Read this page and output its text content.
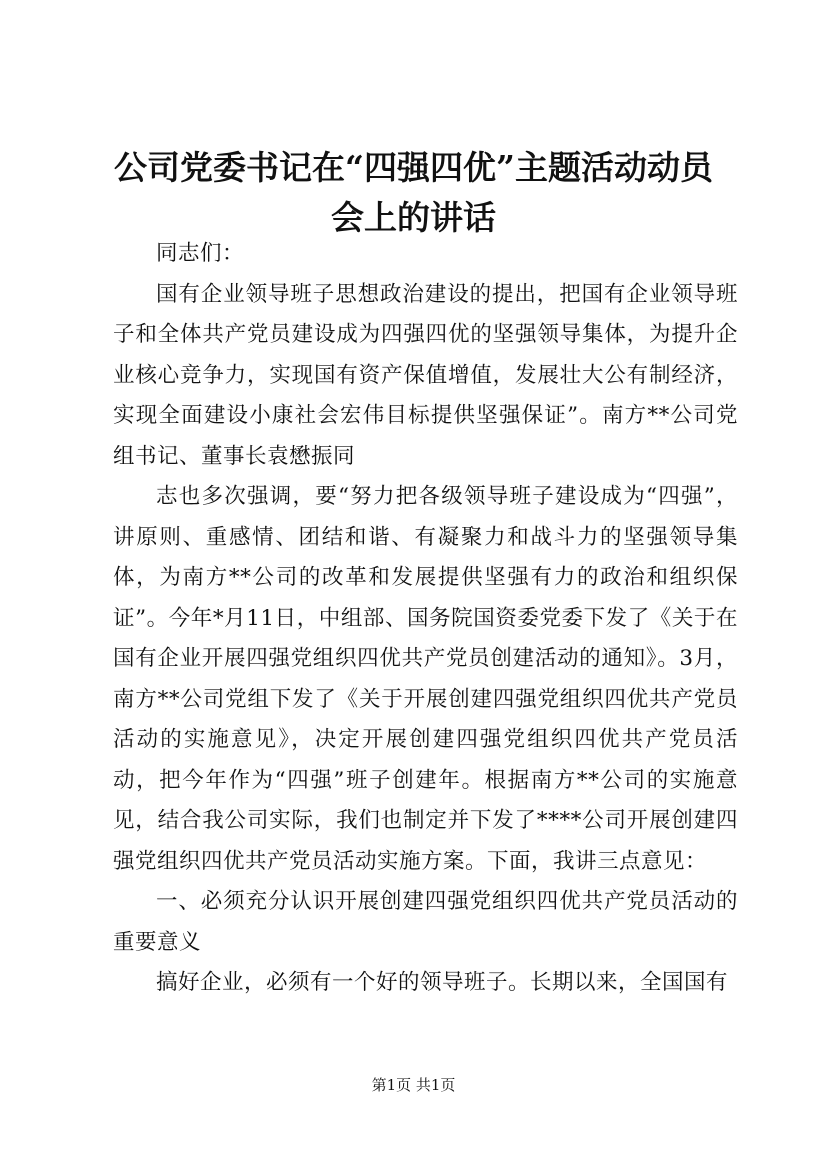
公司党委书记在“四强四优”主题活动动员会上的讲话

同志们：

国有企业领导班子思想政治建设的提出，把国有企业领导班子和全体共产党员建设成为四强四优的坚强领导集体，为提升企业核心竞争力，实现国有资产保值增值，发展壮大公有制经济，实现全面建设小康社会宏伟目标提供坚强保证”。南方**公司党组书记、董事长袁懋振同

志也多次强调，要“努力把各级领导班子建设成为“四强”，讲原则、重感情、团结和谐、有凝聚力和战斗力的坚强领导集体，为南方**公司的改革和发展提供坚强有力的政治和组织保证”。今年*月11日，中组部、国务院国资委党委下发了《关于在国有企业开展四强党组织四优共产党员创建活动的通知》。3月，南方**公司党组下发了《关于开展创建四强党组织四优共产党员活动的实施意见》，决定开展创建四强党组织四优共产党员活动，把今年作为“四强”班子创建年。根据南方**公司的实施意见，结合我公司实际，我们也制定并下发了****公司开展创建四强党组织四优共产党员活动实施方案。下面，我讲三点意见：

一、必须充分认识开展创建四强党组织四优共产党员活动的重要意义

搞好企业，必须有一个好的领导班子。长期以来，全国国有

第1页 共1页
